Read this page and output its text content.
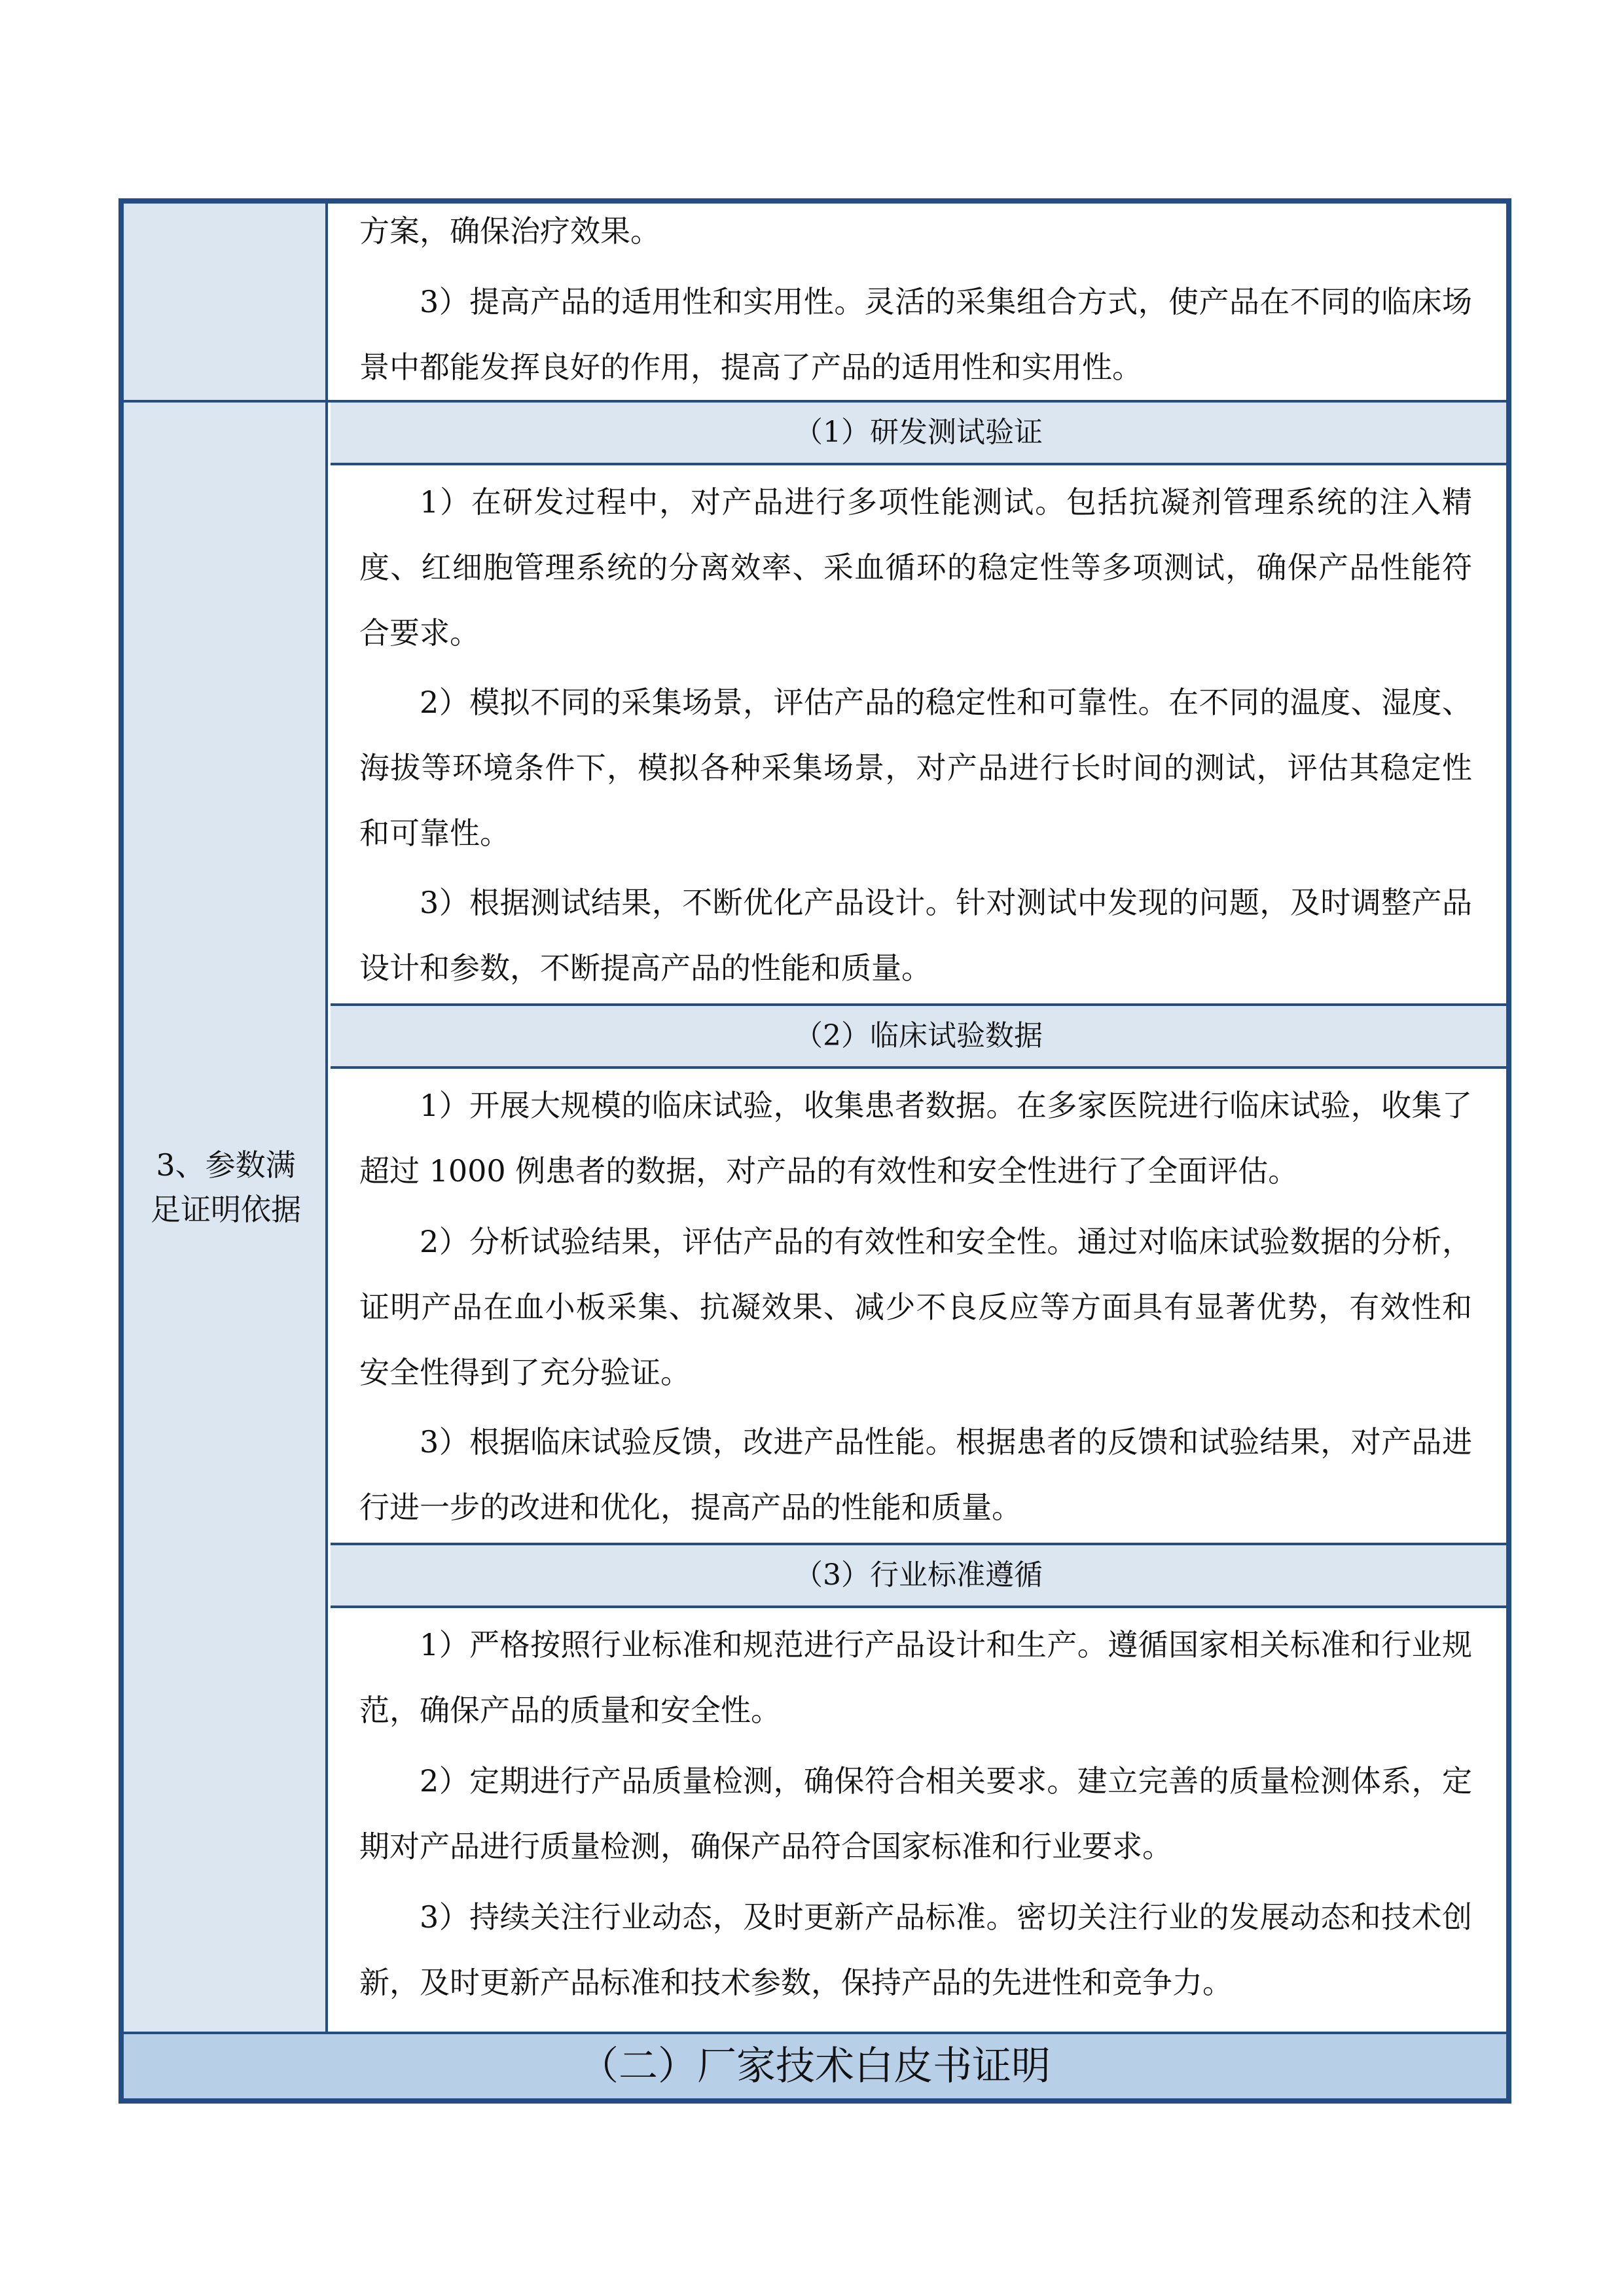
方案，确保治疗效果。

3）提高产品的适用性和实用性。灵活的采集组合方式，使产品在不同的临床场景中都能发挥良好的作用，提高了产品的适用性和实用性。

3、参数满足证明依据
（1）研发测试验证

1）在研发过程中，对产品进行多项性能测试。包括抗凝剂管理系统的注入精度、红细胞管理系统的分离效率、采血循环的稳定性等多项测试，确保产品性能符合要求。

2）模拟不同的采集场景，评估产品的稳定性和可靠性。在不同的温度、湿度、海拔等环境条件下，模拟各种采集场景，对产品进行长时间的测试，评估其稳定性和可靠性。

3）根据测试结果，不断优化产品设计。针对测试中发现的问题，及时调整产品设计和参数，不断提高产品的性能和质量。

（2）临床试验数据

1）开展大规模的临床试验，收集患者数据。在多家医院进行临床试验，收集了超过 1000 例患者的数据，对产品的有效性和安全性进行了全面评估。

2）分析试验结果，评估产品的有效性和安全性。通过对临床试验数据的分析，证明产品在血小板采集、抗凝效果、减少不良反应等方面具有显著优势，有效性和安全性得到了充分验证。

3）根据临床试验反馈，改进产品性能。根据患者的反馈和试验结果，对产品进行进一步的改进和优化，提高产品的性能和质量。

（3）行业标准遵循

1）严格按照行业标准和规范进行产品设计和生产。遵循国家相关标准和行业规范，确保产品的质量和安全性。

2）定期进行产品质量检测，确保符合相关要求。建立完善的质量检测体系，定期对产品进行质量检测，确保产品符合国家标准和行业要求。

3）持续关注行业动态，及时更新产品标准。密切关注行业的发展动态和技术创新，及时更新产品标准和技术参数，保持产品的先进性和竞争力。

（二）厂家技术白皮书证明
